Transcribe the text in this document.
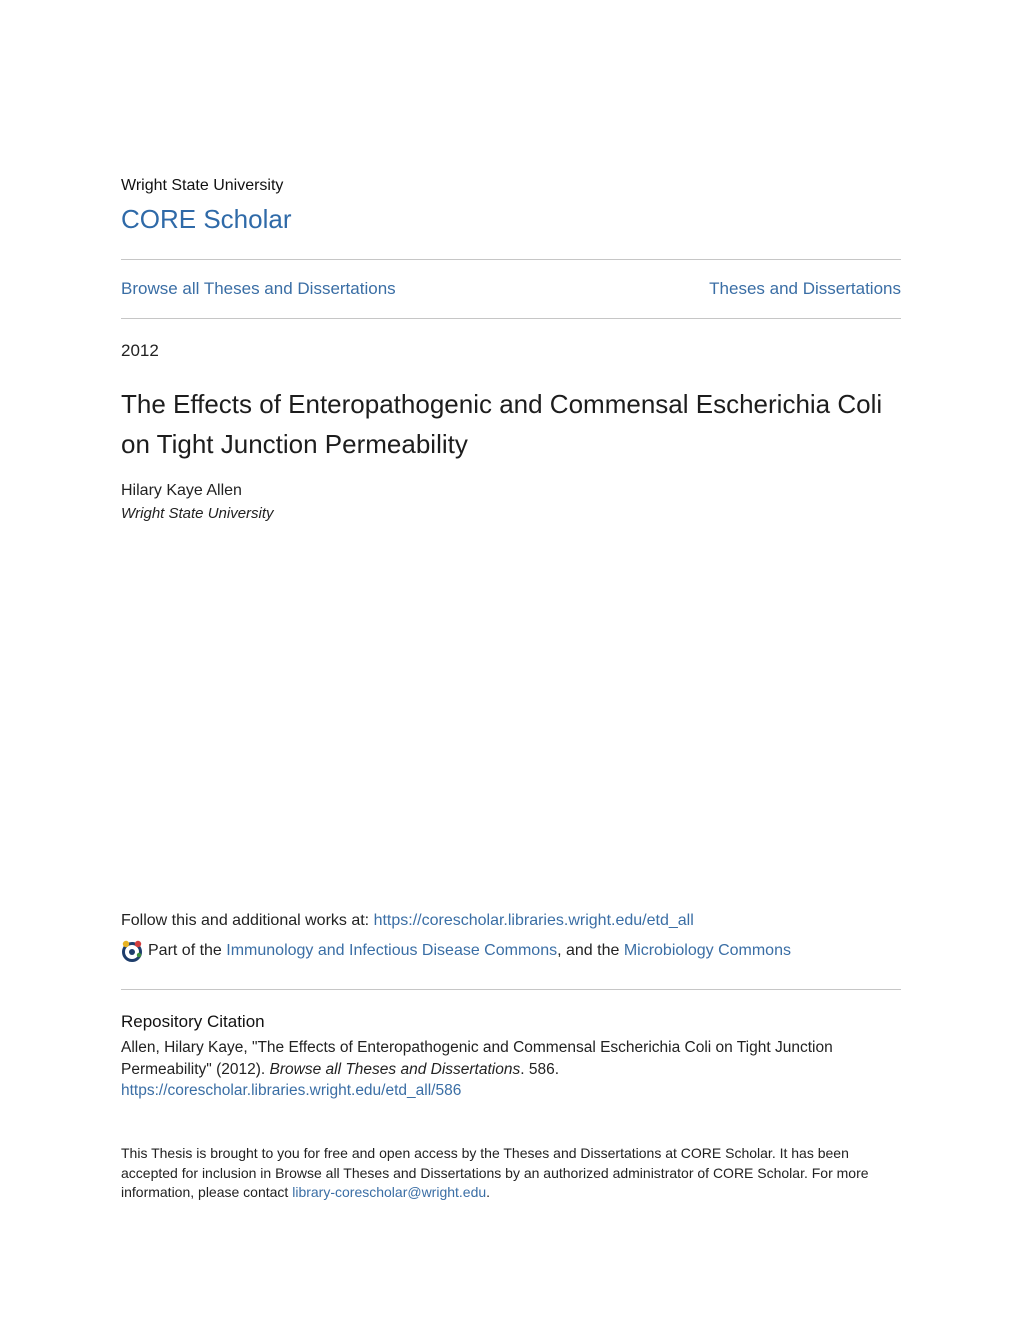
Wright State University
CORE Scholar
Browse all Theses and Dissertations	Theses and Dissertations
2012
The Effects of Enteropathogenic and Commensal Escherichia Coli
on Tight Junction Permeability
Hilary Kaye Allen
Wright State University
Follow this and additional works at: https://corescholar.libraries.wright.edu/etd_all
Part of the Immunology and Infectious Disease Commons , and the Microbiology Commons
Repository Citation
Allen, Hilary Kaye, "The Effects of Enteropathogenic and Commensal Escherichia Coli on Tight Junction Permeability" (2012). Browse all Theses and Dissertations. 586.
https://corescholar.libraries.wright.edu/etd_all/586
This Thesis is brought to you for free and open access by the Theses and Dissertations at CORE Scholar. It has been accepted for inclusion in Browse all Theses and Dissertations by an authorized administrator of CORE Scholar. For more information, please contact library-corescholar@wright.edu.
